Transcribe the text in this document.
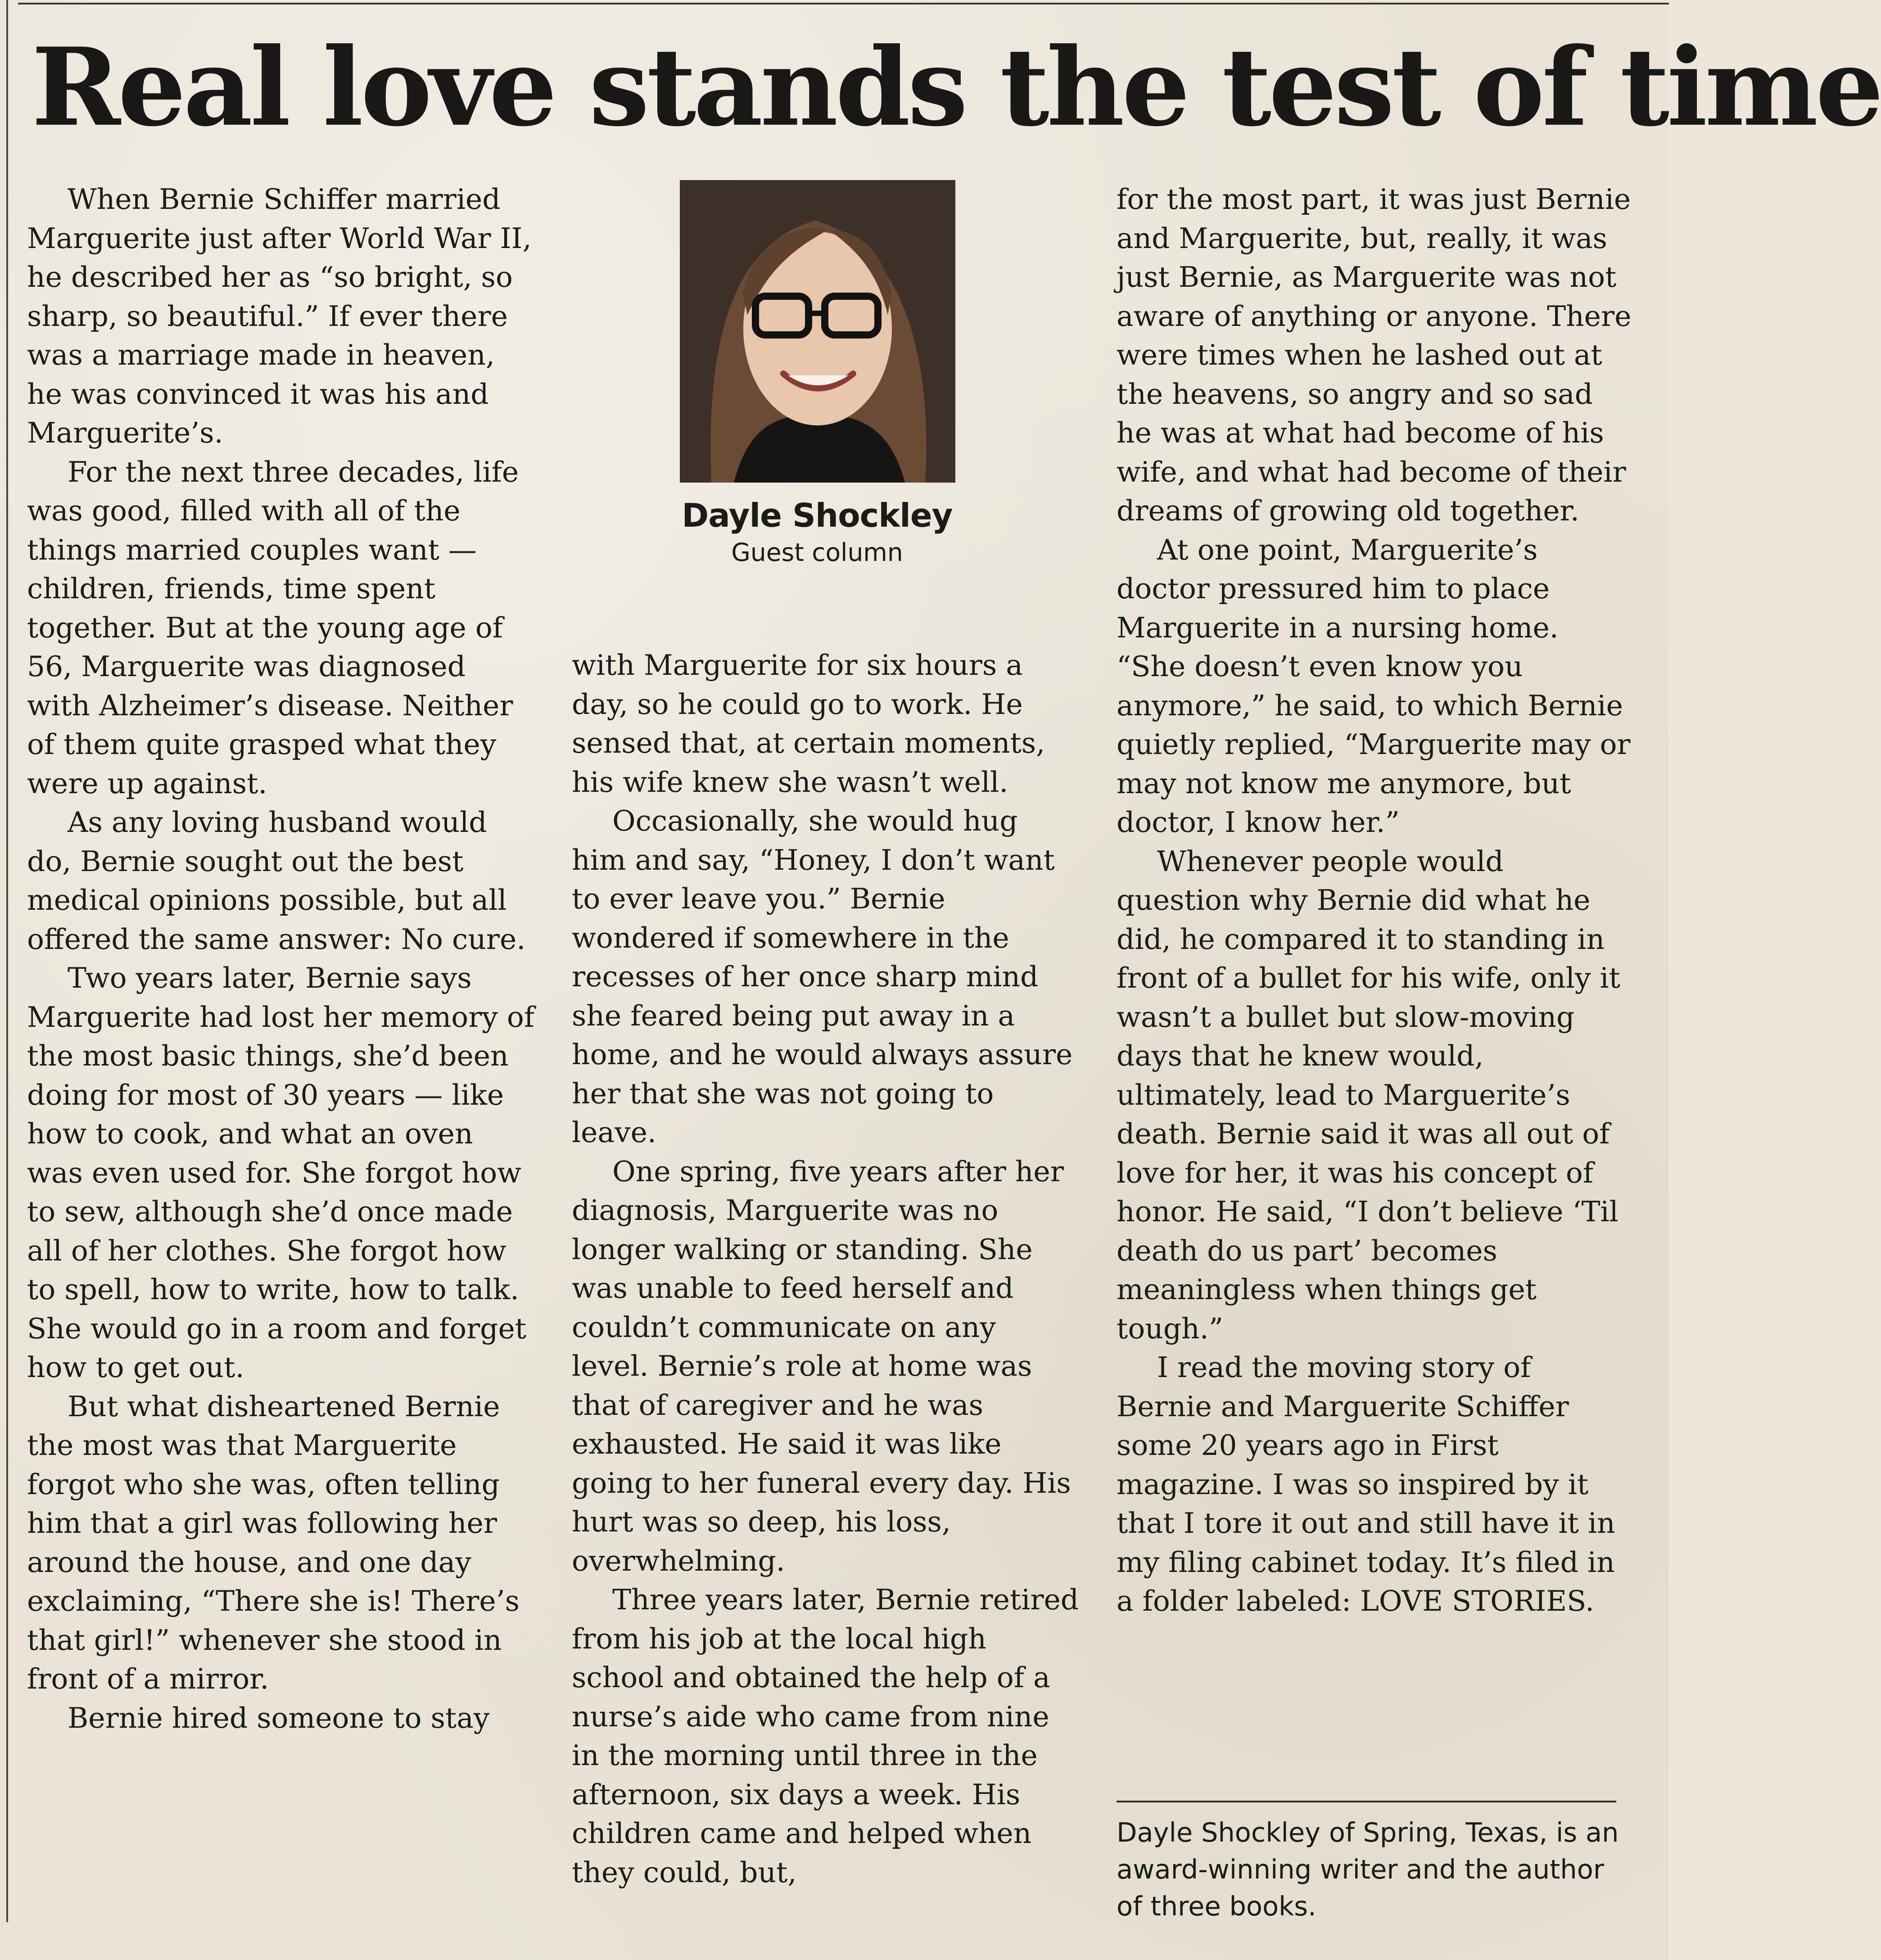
Real love stands the test of time

When Bernie Schiffer married Marguerite just after World War II, he described her as “so bright, so sharp, so beautiful.” If ever there was a marriage made in heaven, he was convinced it was his and Marguerite’s.

For the next three decades, life was good, filled with all of the things married couples want — children, friends, time spent together. But at the young age of 56, Marguerite was diagnosed with Alzheimer’s disease. Neither of them quite grasped what they were up against.

As any loving husband would do, Bernie sought out the best medical opinions possible, but all offered the same answer: No cure.

Two years later, Bernie says Marguerite had lost her memory of the most basic things, she’d been doing for most of 30 years — like how to cook, and what an oven was even used for. She forgot how to sew, although she’d once made all of her clothes. She forgot how to spell, how to write, how to talk. She would go in a room and forget how to get out.

But what disheartened Bernie the most was that Marguerite forgot who she was, often telling him that a girl was following her around the house, and one day exclaiming, “There she is! There’s that girl!” whenever she stood in front of a mirror.

Bernie hired someone to stay

Dayle Shockley
Guest column

with Marguerite for six hours a day, so he could go to work. He sensed that, at certain moments, his wife knew she wasn’t well.

Occasionally, she would hug him and say, “Honey, I don’t want to ever leave you.” Bernie wondered if somewhere in the recesses of her once sharp mind she feared being put away in a home, and he would always assure her that she was not going to leave.

One spring, five years after her diagnosis, Marguerite was no longer walking or standing. She was unable to feed herself and couldn’t communicate on any level. Bernie’s role at home was that of caregiver and he was exhausted. He said it was like going to her funeral every day. His hurt was so deep, his loss, overwhelming.

Three years later, Bernie retired from his job at the local high school and obtained the help of a nurse’s aide who came from nine in the morning until three in the afternoon, six days a week. His children came and helped when they could, but,

for the most part, it was just Bernie and Marguerite, but, really, it was just Bernie, as Marguerite was not aware of anything or anyone. There were times when he lashed out at the heavens, so angry and so sad he was at what had become of his wife, and what had become of their dreams of growing old together.

At one point, Marguerite’s doctor pressured him to place Marguerite in a nursing home. “She doesn’t even know you anymore,” he said, to which Bernie quietly replied, “Marguerite may or may not know me anymore, but doctor, I know her.”

Whenever people would question why Bernie did what he did, he compared it to standing in front of a bullet for his wife, only it wasn’t a bullet but slow-moving days that he knew would, ultimately, lead to Marguerite’s death. Bernie said it was all out of love for her, it was his concept of honor. He said, “I don’t believe ‘Til death do us part’ becomes meaningless when things get tough.”

I read the moving story of Bernie and Marguerite Schiffer some 20 years ago in First magazine. I was so inspired by it that I tore it out and still have it in my filing cabinet today. It’s filed in a folder labeled: LOVE STORIES.

Dayle Shockley of Spring, Texas, is an award-winning writer and the author of three books.
